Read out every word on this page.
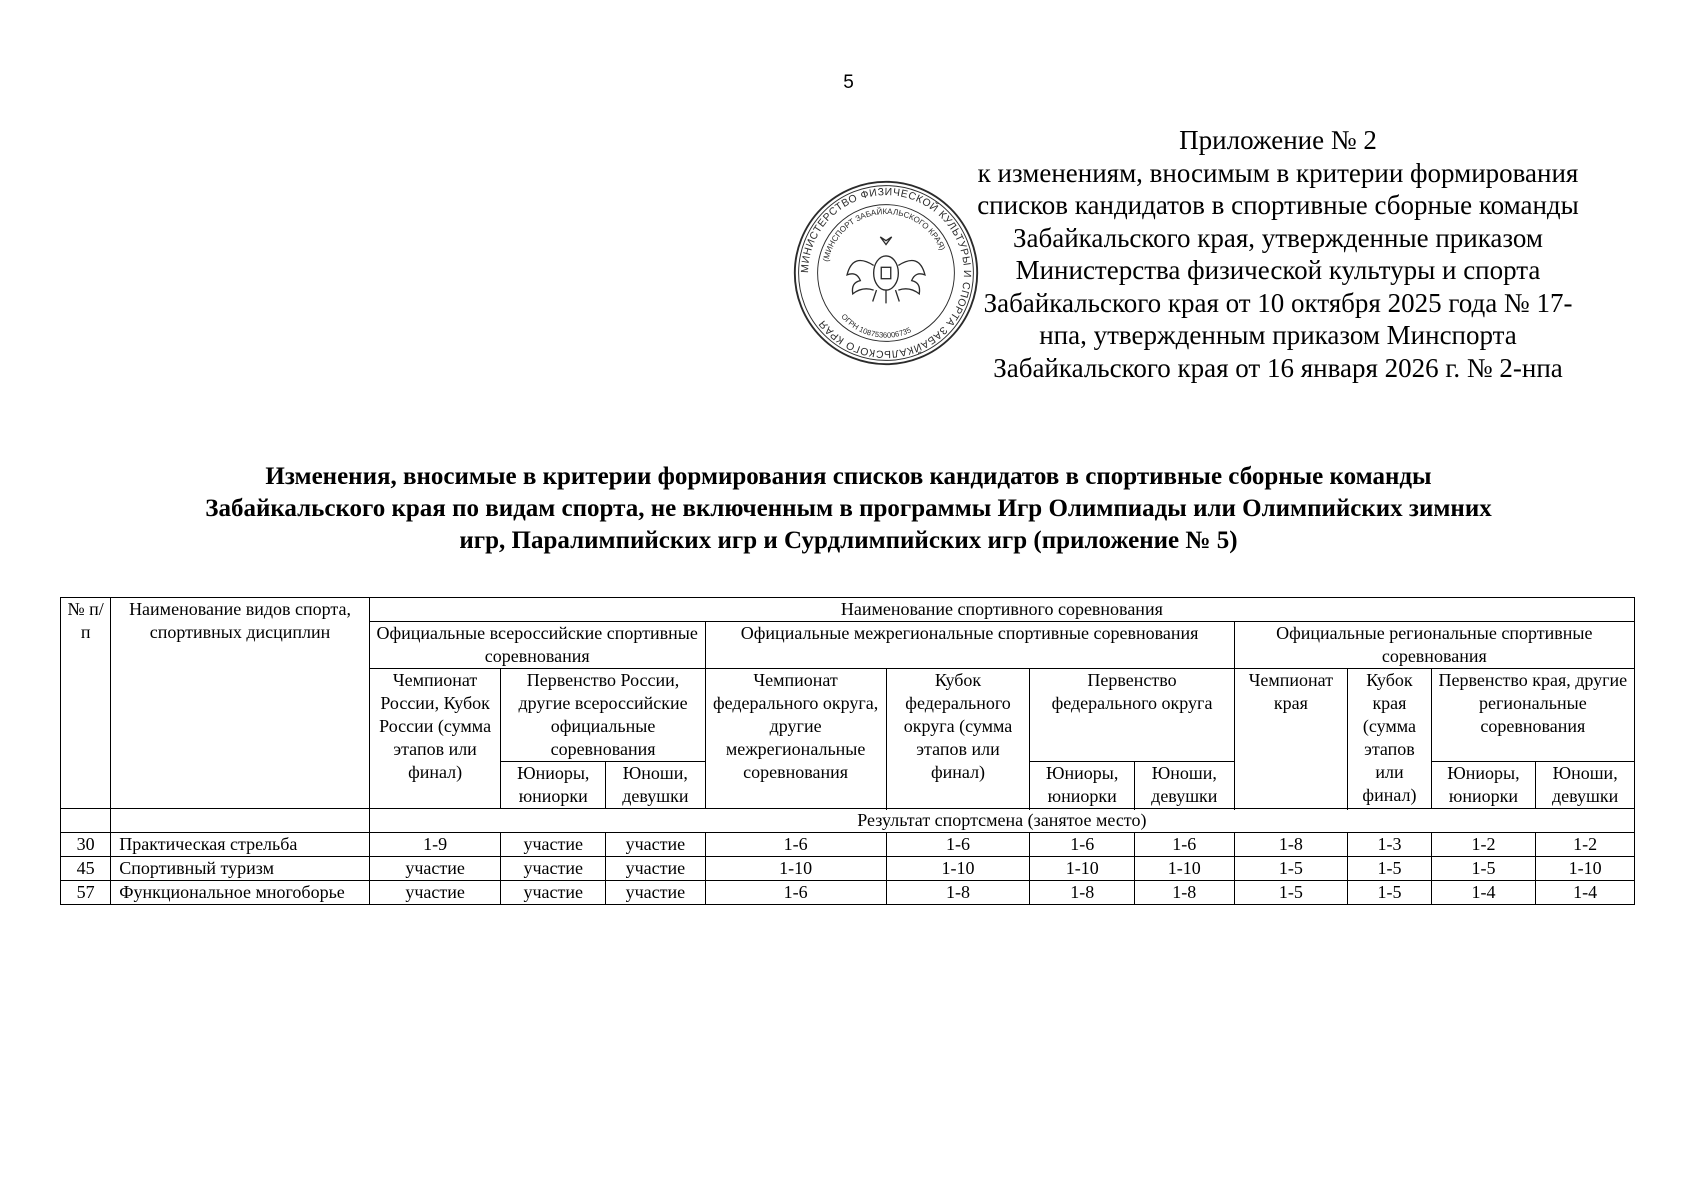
5
МИНИСТЕРСТВО ФИЗИЧЕСКОЙ КУЛЬТУРЫ И СПОРТА ЗАБАЙКАЛЬСКОГО КРАЯ
(МИНСПОРТ ЗАБАЙКАЛЬСКОГО КРАЯ)
ОГРН 1087536006735
Приложение № 2
к изменениям, вносимым в критерии формирования
списков кандидатов в спортивные сборные команды
Забайкальского края, утвержденные приказом
Министерства физической культуры и спорта
Забайкальского края от 10 октября 2025 года № 17-
нпа, утвержденным приказом Минспорта
Забайкальского края от 16 января 2026 г. № 2-нпа
Изменения, вносимые в критерии формирования списков кандидатов в спортивные сборные команды
Забайкальского края по видам спорта, не включенным в программы Игр Олимпиады или Олимпийских зимних
игр, Паралимпийских игр и Сурдлимпийских игр (приложение № 5)
№ п/п	Наименование видов спорта, спортивных дисциплин	Наименование спортивного соревнования										
		Официальные всероссийские спортивные соревнования			Официальные межрегиональные спортивные соревнования				Официальные региональные спортивные соревнования			
		Чемпионат России, Кубок России (сумма этапов или финал)	Первенство России, другие всероссийские официальные соревнования		Чемпионат федерального округа, другие межрегиональные соревнования	Кубок федерального округа (сумма этапов или финал)	Первенство федерального округа		Чемпионат края	Кубок края (сумма этапов или финал)	Первенство края, другие региональные соревнования	
			Юниоры, юниорки	Юноши, девушки			Юниоры, юниорки	Юноши, девушки			Юниоры, юниорки	Юноши, девушки

		Результат спортсмена (занятое место)										
30	Практическая стрельба	1-9	участие	участие	1-6	1-6	1-6	1-6	1-8	1-3	1-2	1-2
45	Спортивный туризм	участие	участие	участие	1-10	1-10	1-10	1-10	1-5	1-5	1-5	1-10
57	Функциональное многоборье	участие	участие	участие	1-6	1-8	1-8	1-8	1-5	1-5	1-4	1-4
